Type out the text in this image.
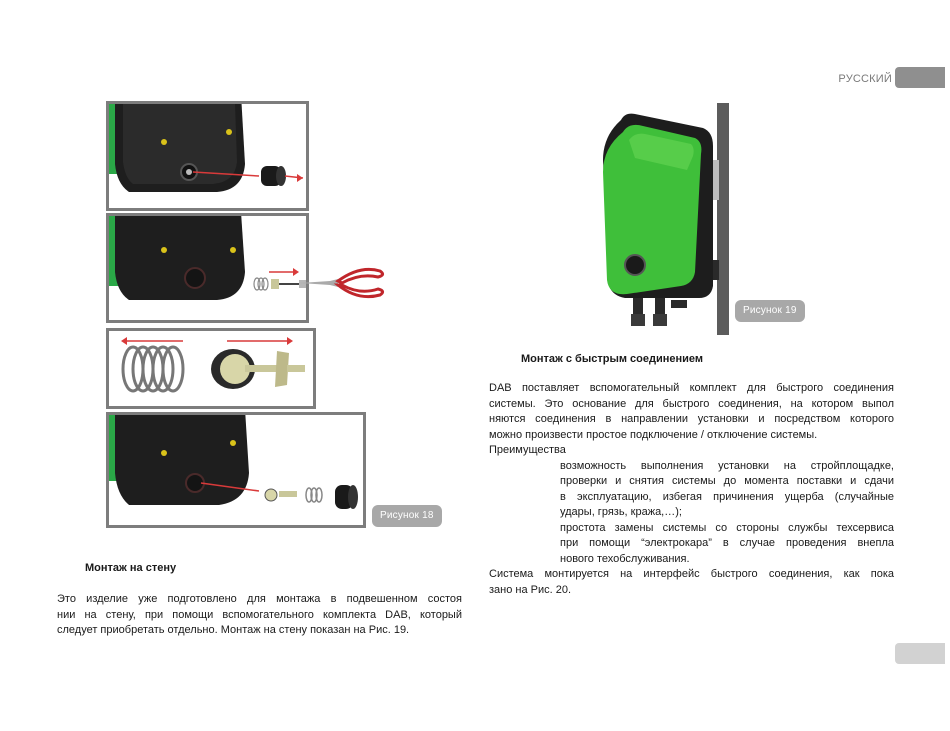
РУССКИЙ
Рисунок 18
Рисунок 19
Монтаж на стену

Это изделие уже подготовлено для монтажа в подвешенном состоя

нии на стену, при помощи вспомогательного комплекта DAB, который

следует приобретать отдельно. Монтаж на стену показан на Рис. 19.

Монтаж с быстрым соединением

DAB поставляет вспомогательный комплект для быстрого соединения

системы. Это основание для быстрого соединения, на котором выпол

няются соединения в направлении установки и посредством которого

можно произвести простое подключение / отключение системы.

Преимущества

возможность выполнения установки на стройплощадке,

проверки и снятия системы до момента поставки и сдачи

в эксплуатацию, избегая причинения ущерба (случайные

удары, грязь, кража,…);

простота замены системы со стороны службы техсервиса

при помощи “электрокара” в случае проведения внепла

нового техобслуживания.

Система монтируется на интерфейс быстрого соединения, как пока

зано на Рис. 20.
